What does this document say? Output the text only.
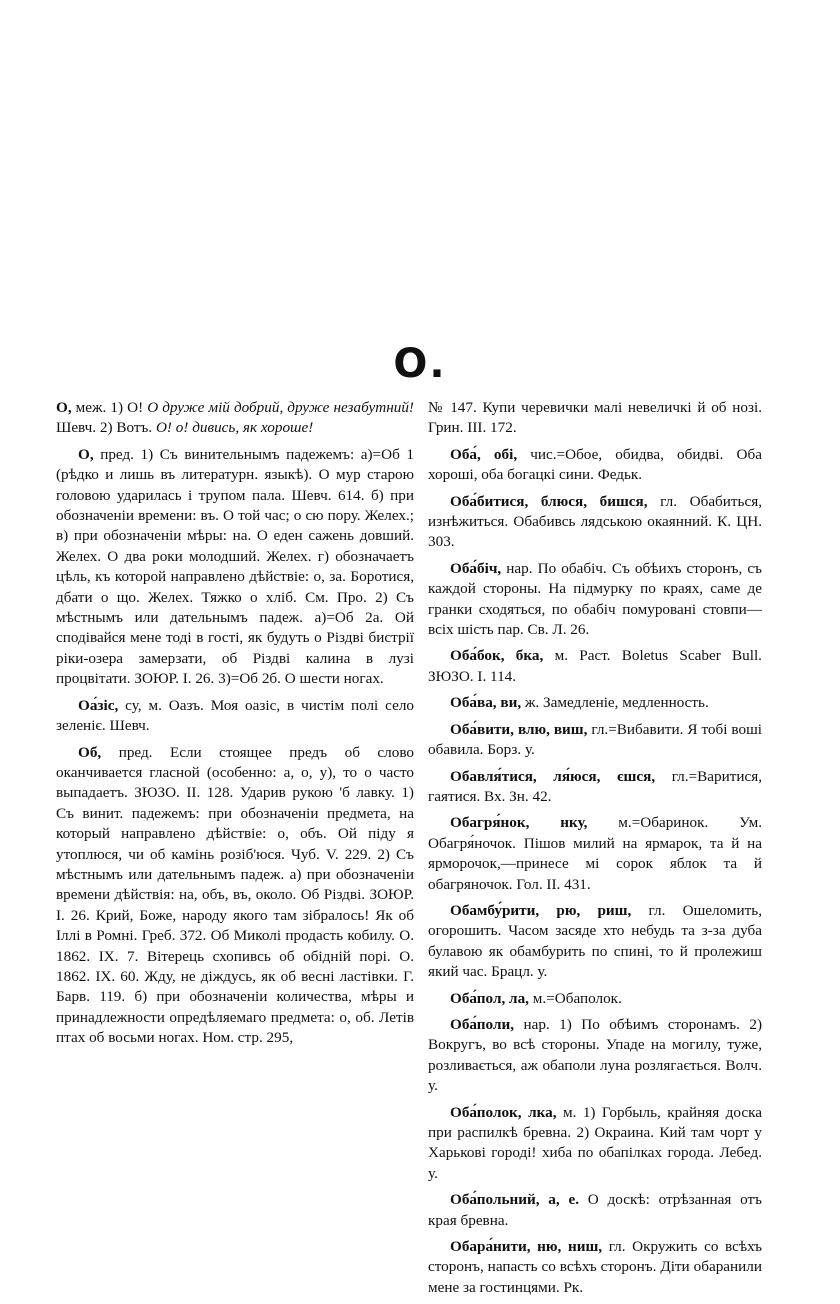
О.

О, меж. 1) О! О друже мій добрий, друже незабутний! Шевч. 2) Вотъ. О! о! дивись, як хороше!

О, пред. 1) Съ винительнымъ падежемъ: а)=Об 1 (рѣдко и лишь въ литературн. языкѣ). О мур старою головою ударилась і трупом пала. Шевч. 614. б) при обозначеніи времени: въ. О той час; о сю пору. Желех.; в) при обозначеніи мѣры: на. О еден сажень довший. Желех. О два роки молодший. Желех. г) обозначаетъ цѣль, къ которой направлено дѣйствіе: о, за. Боротися, дбати о що. Желех. Тяжко о хліб. См. Про. 2) Съ мѣстнымъ или дательнымъ падеж. а)=Об 2а. Ой сподівайся мене тоді в гості, як будуть о Різдві бистрії ріки-озера замерзати, об Різдві калина в лузі процвітати. ЗОЮР. I. 26. 3)=Об 2б. О шести ногах.

Оа́зіс, су, м. Оазъ. Моя оазіс, в чистім полі село зеленіє. Шевч.

Об, пред. Если стоящее предъ об слово оканчивается гласной (особенно: а, о, у), то о часто выпадаетъ. ЗЮЗО. II. 128. Ударив рукою 'б лавку. 1) Съ винит. падежемъ: при обозначеніи предмета, на который направлено дѣйствіе: о, объ. Ой піду я утоплюся, чи об камінь розіб'юся. Чуб. V. 229. 2) Съ мѣстнымъ или дательнымъ падеж. а) при обозначеніи времени дѣйствія: на, объ, въ, около. Об Різдві. ЗОЮР. I. 26. Крий, Боже, народу якого там зібралось! Як об Іллі в Ромні. Греб. 372. Об Миколі продасть кобилу. О. 1862. IX. 7. Вітерець схопивсь об обідній порі. О. 1862. IX. 60. Жду, не діждусь, як об весні ластівки. Г. Барв. 119. б) при обозначеніи количества, мѣры и принадлежности опредѣляемаго предмета: о, об. Летів птах об восьми ногах. Ном. стр. 295,

№ 147. Купи черевички малі невеличкі й об нозі. Грин. III. 172.

Оба́, обі, чис.=Обое, обидва, обидві. Оба хороші, оба богацкі сини. Федьк.

Оба́битися, блюся, бишся, гл. Обабиться, изнѣжиться. Обабивсь лядською окаянний. К. ЦН. 303.

Оба́біч, нар. По обабіч. Съ обѣихъ сторонъ, съ каждой стороны. На підмурку по краях, саме де гранки сходяться, по обабіч помуровані стовпи—всіх шість пар. Св. Л. 26.

Оба́бок, бка, м. Раст. Boletus Scaber Bull. ЗЮЗО. I. 114.

Оба́ва, ви, ж. Замедленіе, медленность.

Оба́вити, влю, виш, гл.=Вибавити. Я тобі воші обавила. Борз. у.

Обавля́тися, ля́юся, єшся, гл.=Варитися, гаятися. Вх. Зн. 42.

Обагря́нок, нку, м.=Обаринок. Ум. Обагря́ночок. Пішов милий на ярмарок, та й на ярморочок,—принесе мі сорок яблок та й обагряночок. Гол. II. 431.

Обамбу́рити, рю, риш, гл. Ошеломить, огорошить. Часом засяде хто небудь та з-за дуба булавою як обамбурить по спині, то й пролежиш який час. Брацл. у.

Оба́пол, ла, м.=Обаполок.

Оба́поли, нар. 1) По обѣимъ сторонамъ. 2) Вокругъ, во всѣ стороны. Упаде на могилу, туже, розливається, аж обаполи луна розлягається. Волч. у.

Оба́полок, лка, м. 1) Горбыль, крайняя доска при распилкѣ бревна. 2) Окраина. Кий там чорт у Харькові городі! хиба по обапілках города. Лебед. у.

Оба́польний, а, е. О доскѣ: отрѣзанная отъ края бревна.

Обара́нити, ню, ниш, гл. Окружить со всѣхъ сторонъ, напасть со всѣхъ сторонъ. Діти обаранили мене за гостинцями. Рк.
